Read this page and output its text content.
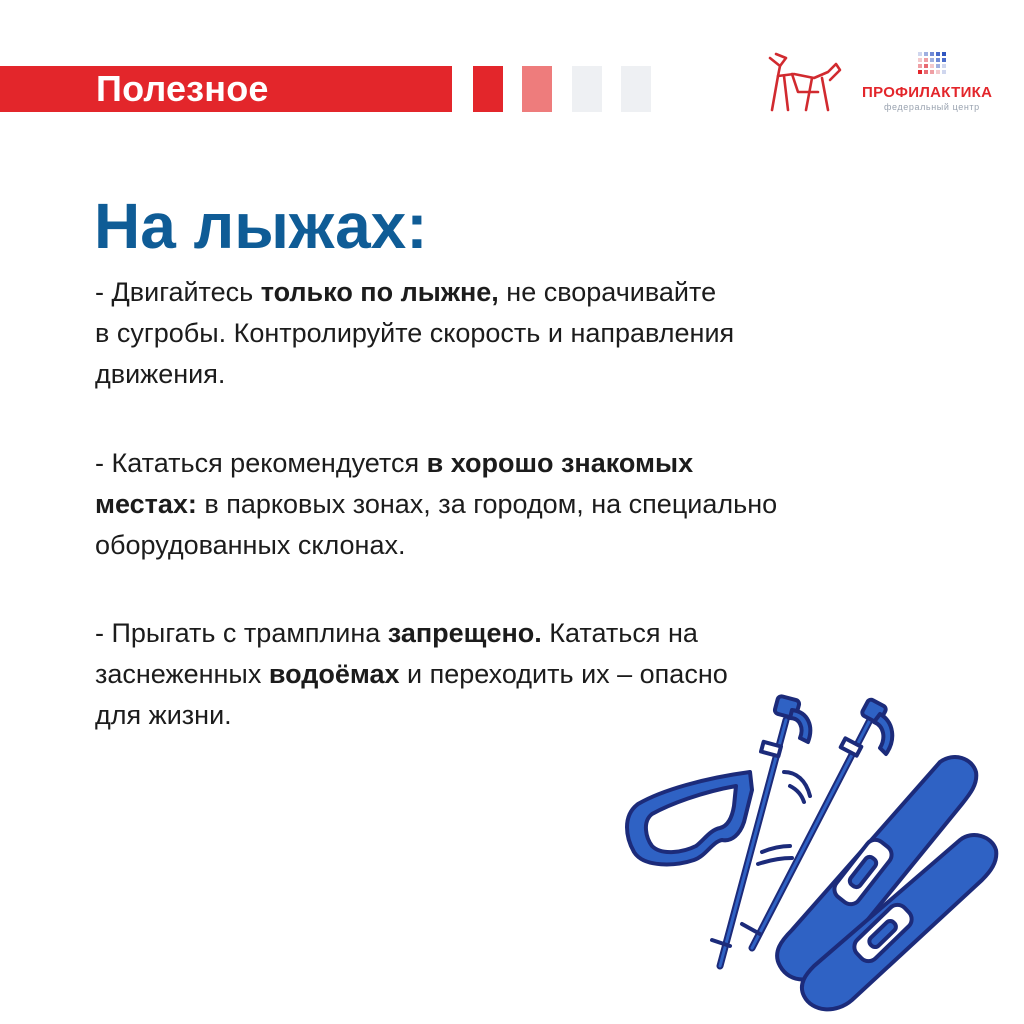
Полезное	ПРОФИЛАКТИКА
федеральный центр
На лыжах:

- Двигайтесь только по лыжне, не сворачивайте
в сугробы. Контролируйте скорость и направления
движения.

- Кататься рекомендуется в хорошо знакомых
местах: в парковых зонах, за городом, на специально
оборудованных склонах.

- Прыгать с трамплина запрещено. Кататься на
заснеженных водоёмах и переходить их – опасно
для жизни.
